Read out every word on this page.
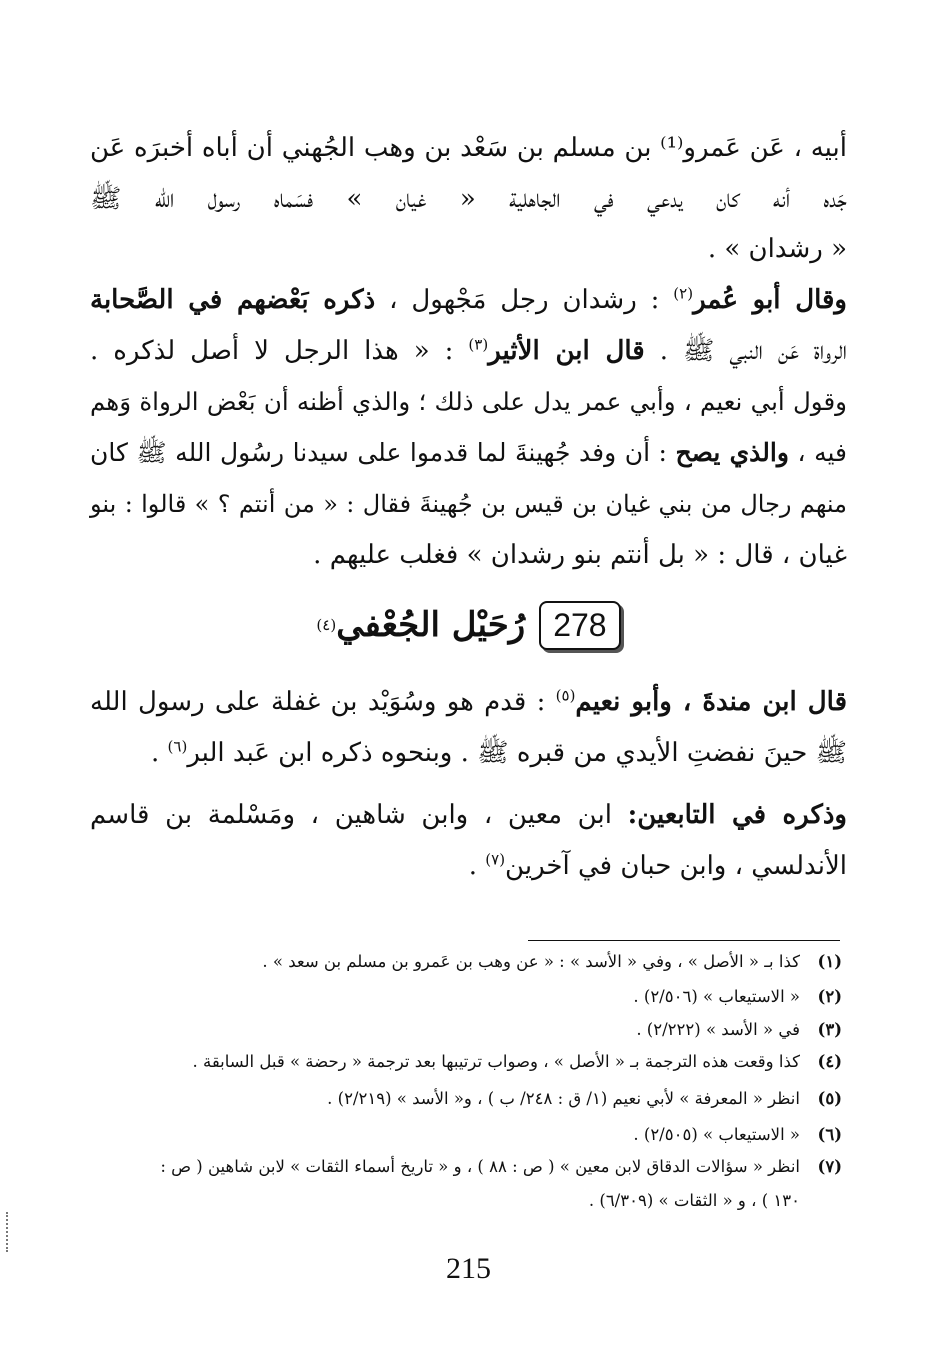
أبيه ، عَن عَمرو⁽¹⁾ بن مسلم بن سَعْد بن وهب الجُهني أن أباه أخبرَه عَن
جَده أنه كان يدعي في الجاهلية « غيان » فسَماه رسول الله ﷺ
« رشدان » .
وقال أبو عُمر$^{(٢)}$ : رشدان رجل مَجْهول ، ذكره بَعْضهم في الصَّحابة
الرواة عَن النبي ﷺ . قال ابن الأثير$^{(٣)}$ : « هذا الرجل لا أصل لذكره .
وقول أبي نعيم ، وأبي عمر يدل على ذلك ؛ والذي أظنه أن بَعْض الرواة وَهم
فيه ، والذي يصح : أن وفد جُهينةَ لما قدموا على سيدنا رسُول الله ﷺ كان
منهم رجال من بني غيان بن قيس بن جُهينةَ فقال : « من أنتم ؟ » قالوا : بنو
غيان ، قال : « بل أنتم بنو رشدان » فغلب عليهم .
278
رُحَيْل الجُعْفي
(٤)
قال ابن مندةَ ، وأبو نعيم$^{(٥)}$ : قدم هو وسُوَيْد بن غفلة على رسول الله
ﷺ حينَ نفضتِ الأيدي من قبره ﷺ . وبنحوه ذكره ابن عَبد البر$^{(٦)}$ .
وذكره في التابعين: ابن معين ، وابن شاهين ، ومَسْلمة بن قاسم
الأندلسي ، وابن حبان في آخرين$^{(٧)}$ .
(١)كذا بـ « الأصل » ، وفي « الأسد » : « عن وهب بن عَمرو بن مسلم بن سعد » .
(٢)« الاستيعاب » (٢/٥٠٦) .
(٣)في « الأسد » (٢/٢٢٢) .
(٤)كذا وقعت هذه الترجمة بـ « الأصل » ، وصواب ترتيبها بعد ترجمة « رحضة » قبل السابقة .
(٥)انظر « المعرفة » لأبي نعيم (١/ ق : ٢٤٨/ ب ) ، و« الأسد » (٢/٢١٩) .
(٦)« الاستيعاب » (٢/٥٠٥) .
(٧)انظر « سؤالات الدقاق لابن معين » ( ص : ٨٨ ) ، و « تاريخ أسماء الثقات » لابن شاهين ( ص :
١٣٠ ) ، و « الثقات » (٦/٣٠٩) .
215
